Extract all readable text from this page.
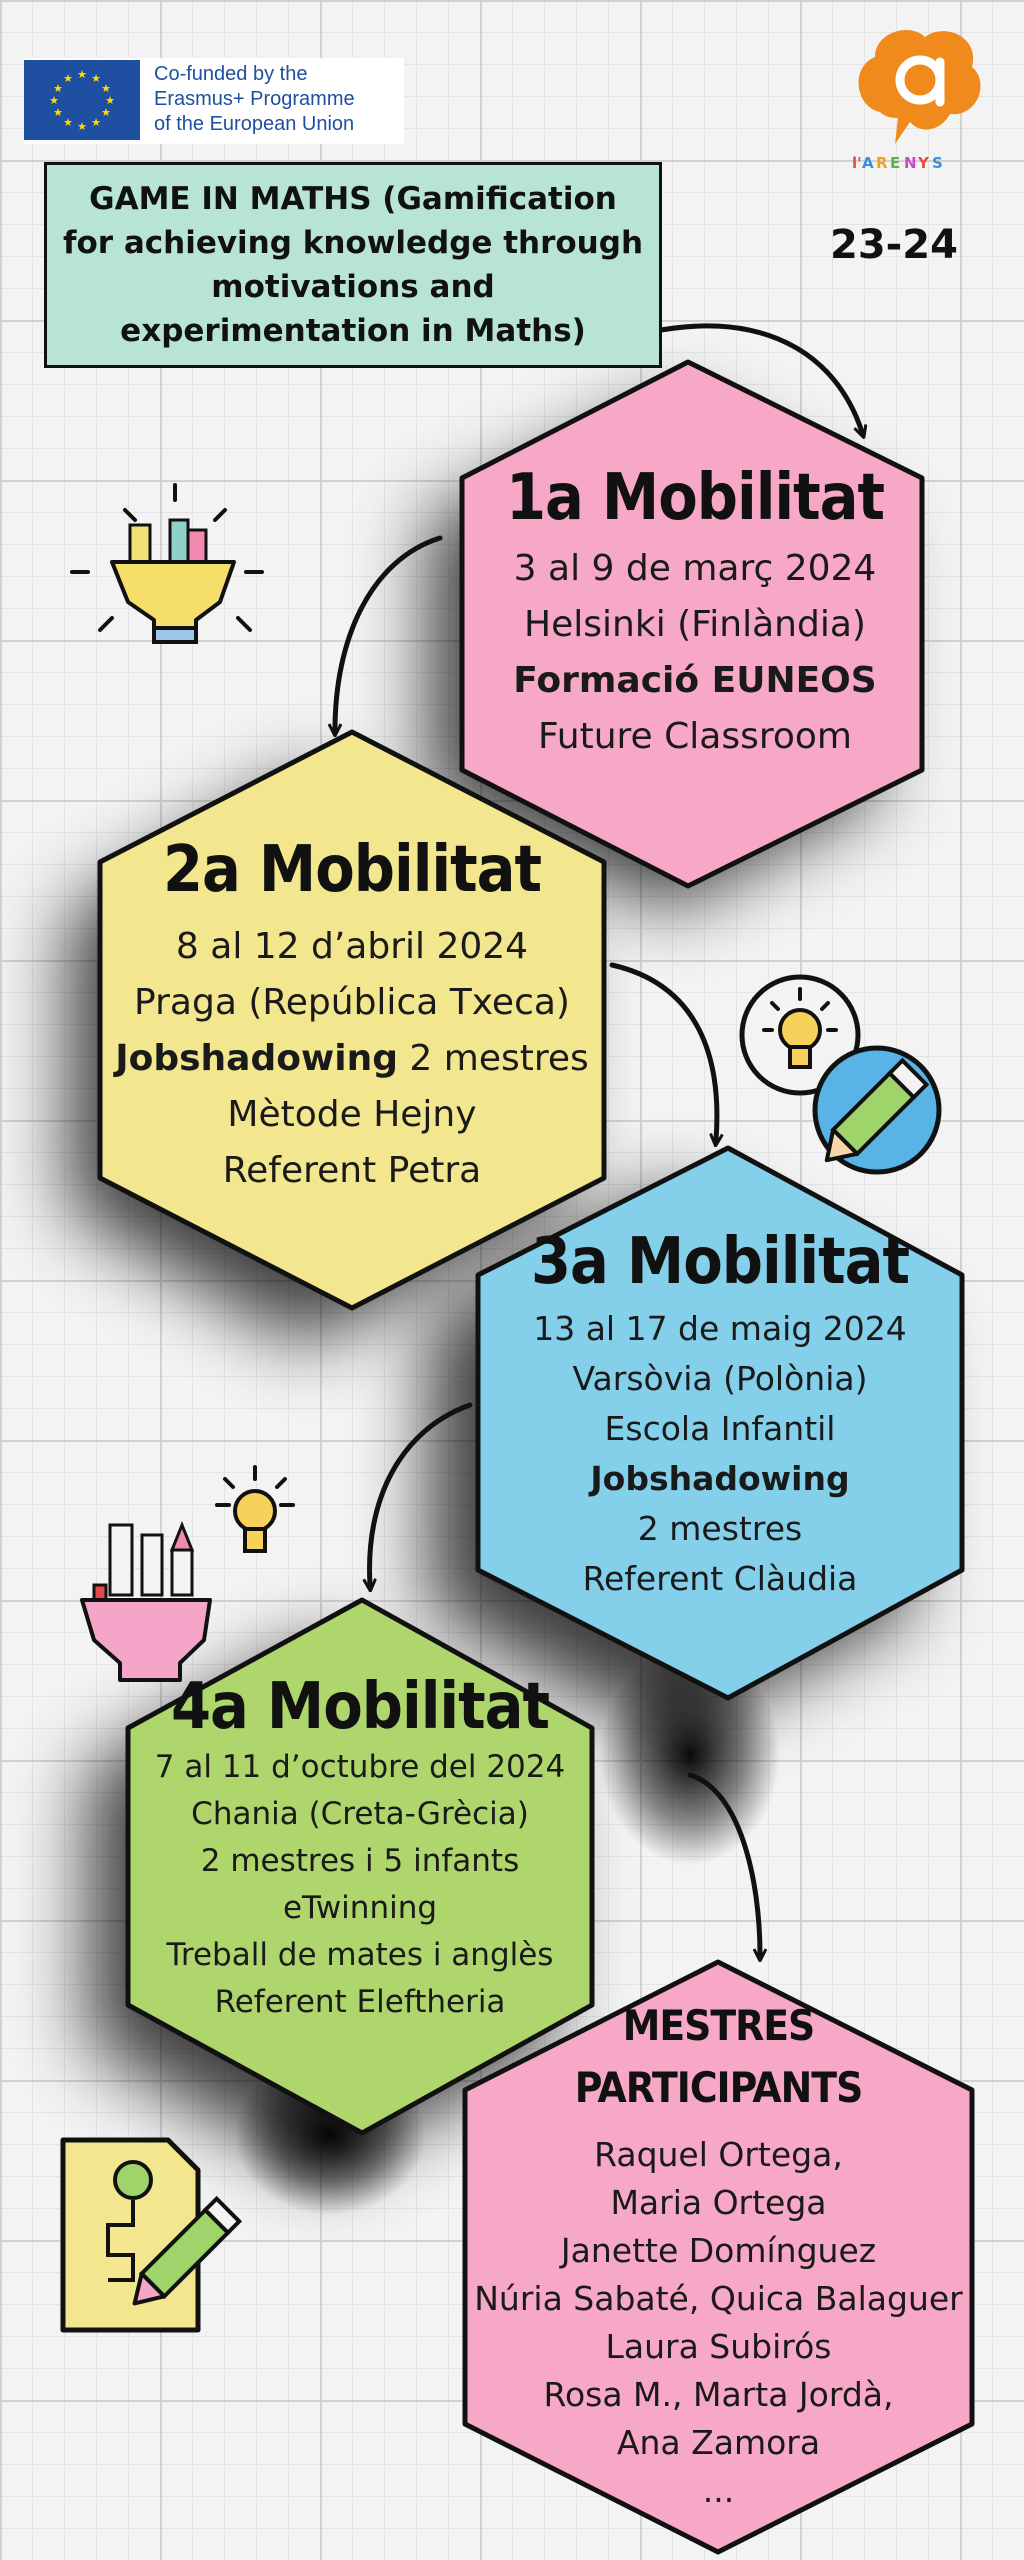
★ ★
★
★
★
★
★
★
★
★
★
★	Co-funded by the
Erasmus+ Programme
of the European Union
l' A R E N Y S
GAME IN MATHS (Gamification for achieving knowledge through motivations and experimentation in Maths)
23-24
1a Mobilitat
3 al 9 de març 2024
Helsinki (Finlàndia)
Formació EUNEOS
Future Classroom
2a Mobilitat
8 al 12 d’abril 2024
Praga (República Txeca)
Jobshadowing 2 mestres
Mètode Hejny
Referent Petra
3a Mobilitat
13 al 17 de maig 2024
Varsòvia (Polònia)
Escola Infantil
Jobshadowing
2 mestres
Referent Clàudia
4a Mobilitat
7 al 11 d’octubre del 2024
Chania (Creta-Grècia)
2 mestres i 5 infants
eTwinning
Treball de mates i anglès
Referent Eleftheria	MESTRES
PARTICIPANTS
Raquel Ortega,
Maria Ortega
Janette Domínguez
Núria Sabaté, Quica Balaguer
Laura Subirós
Rosa M., Marta Jordà,
Ana Zamora
...
